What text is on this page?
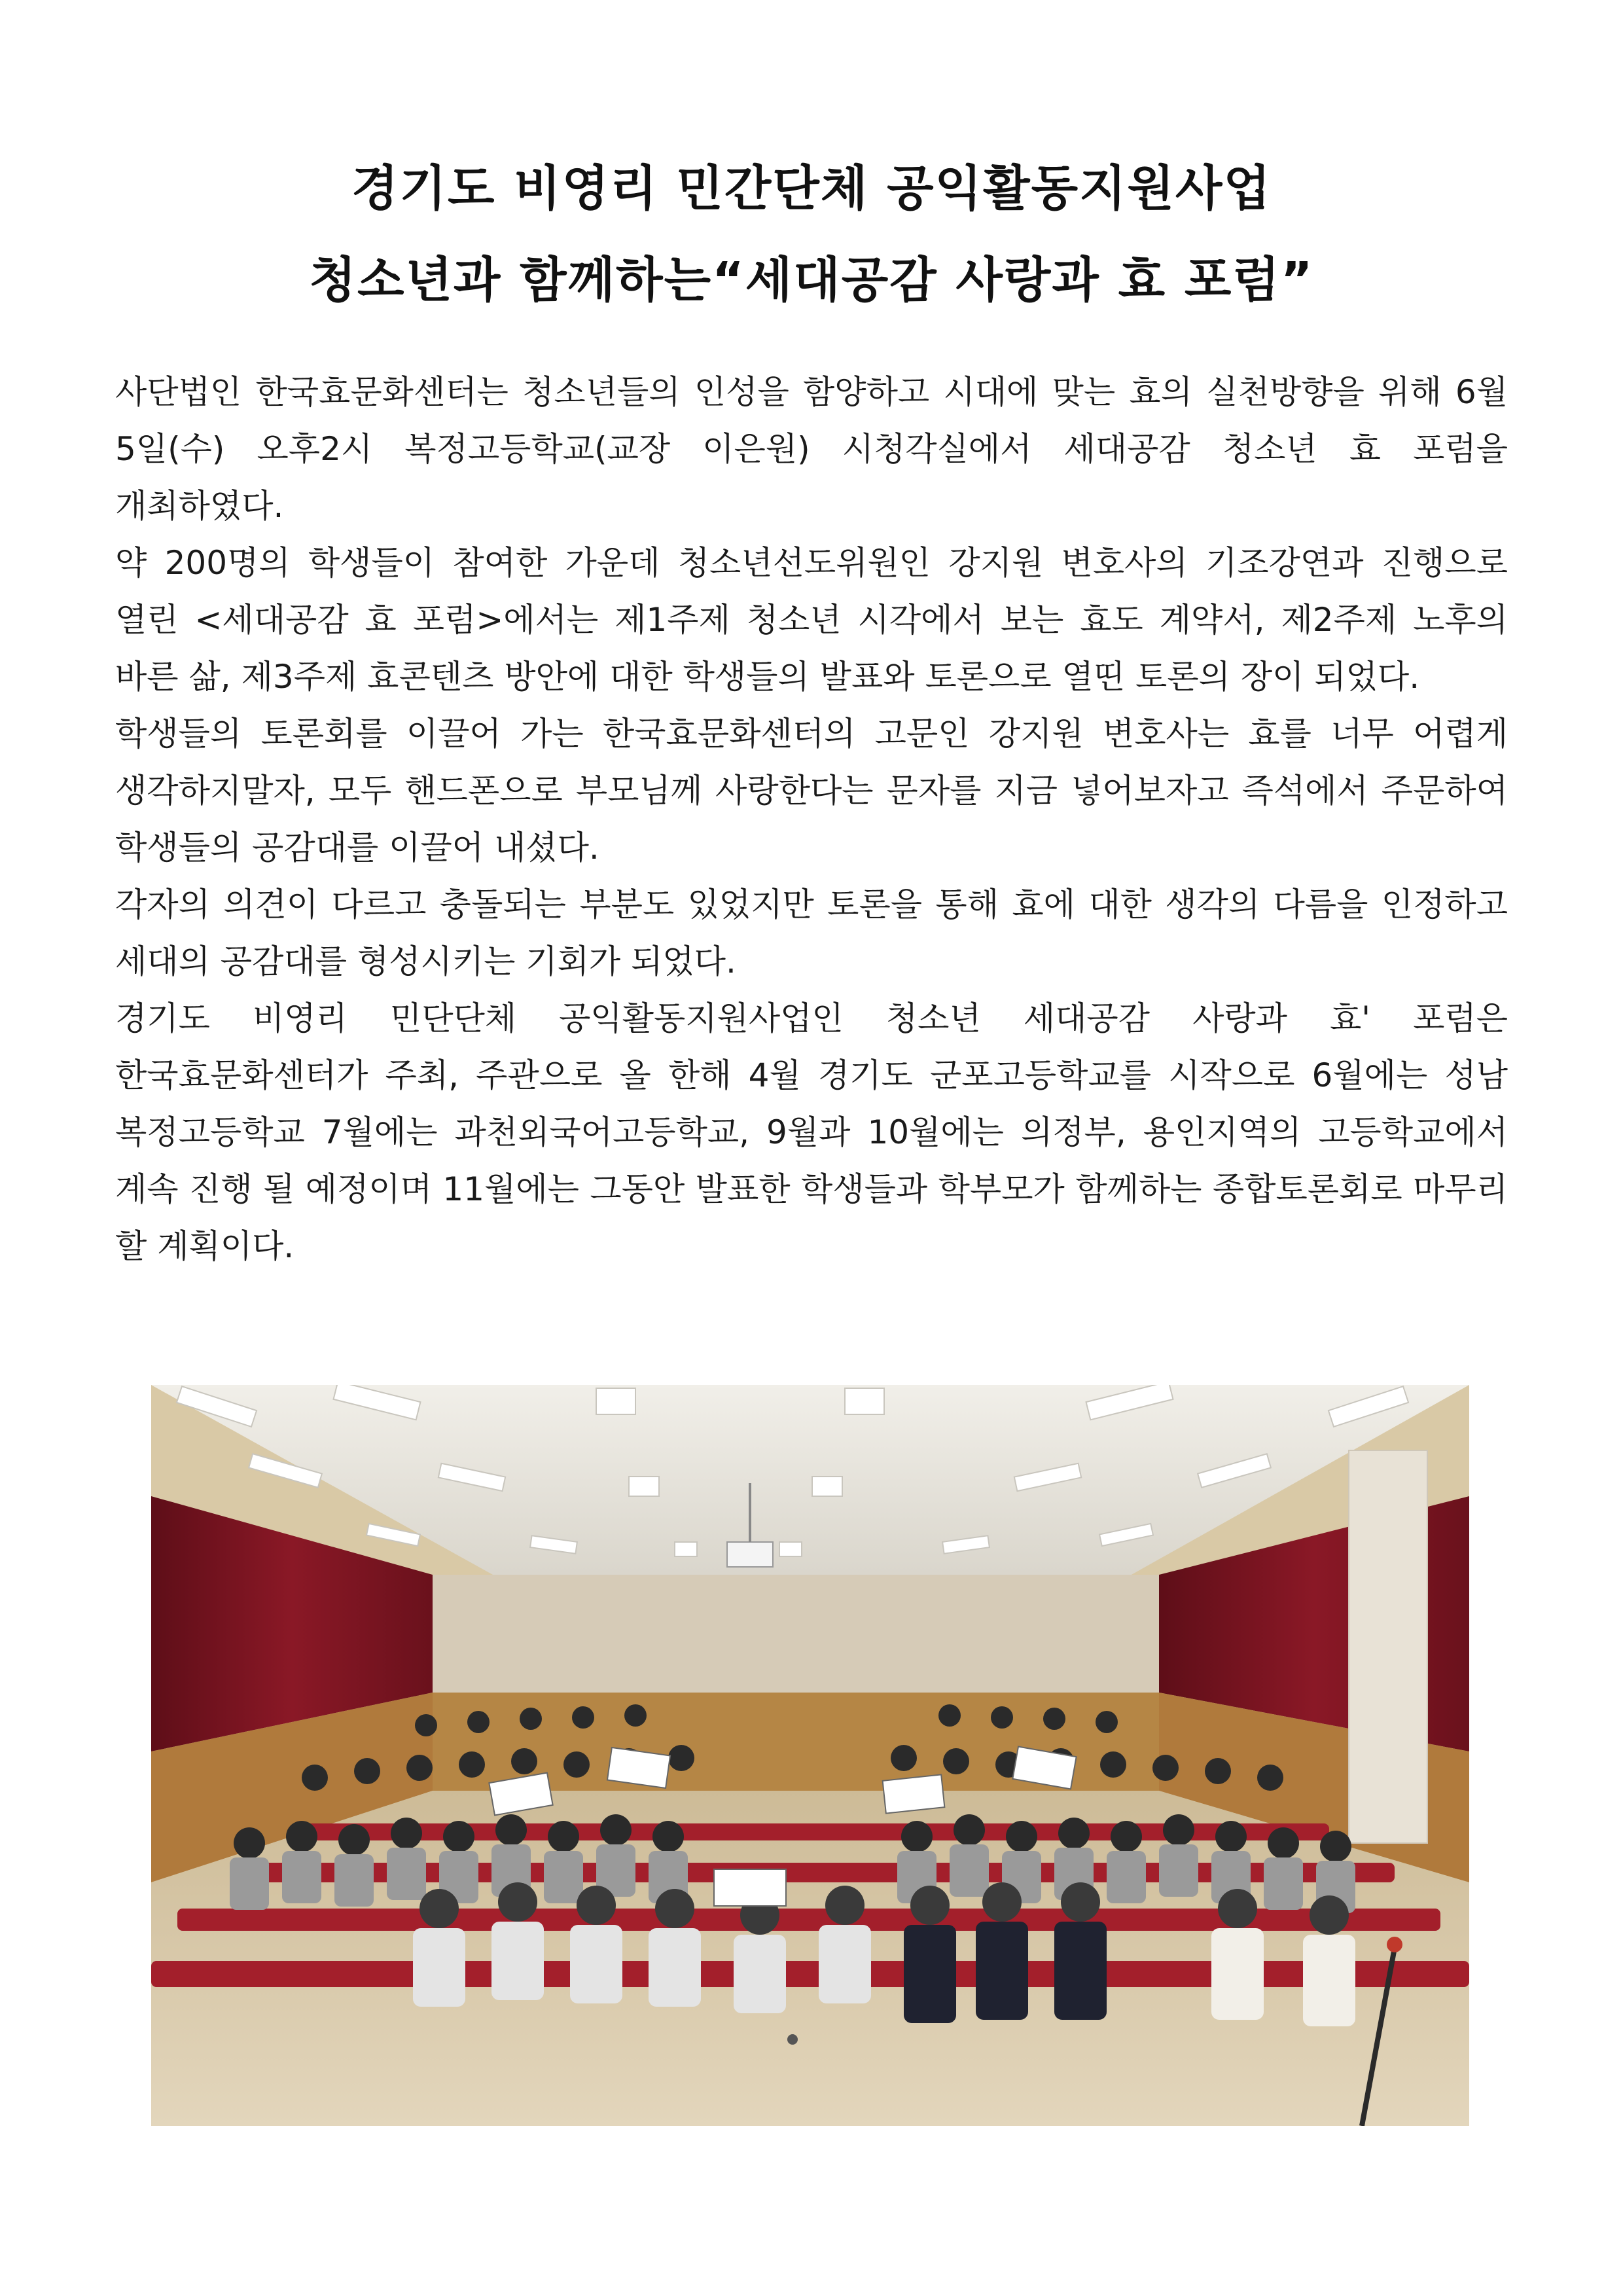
경기도 비영리 민간단체 공익활동지원사업
청소년과 함께하는“세대공감 사랑과 효 포럼”

사단법인 한국효문화센터는 청소년들의 인성을 함양하고 시대에 맞는 효의 실천방향을 위해 6월 5일(수) 오후2시 복정고등학교(교장 이은원) 시청각실에서 세대공감 청소년 효 포럼을 개최하였다.

약 200명의 학생들이 참여한 가운데 청소년선도위원인 강지원 변호사의 기조강연과 진행으로 열린 <세대공감 효 포럼>에서는 제1주제 청소년 시각에서 보는 효도 계약서, 제2주제 노후의 바른 삶, 제3주제 효콘텐츠 방안에 대한 학생들의 발표와 토론으로 열띤 토론의 장이 되었다.

학생들의 토론회를 이끌어 가는 한국효문화센터의 고문인 강지원 변호사는 효를 너무 어렵게 생각하지말자, 모두 핸드폰으로 부모님께 사랑한다는 문자를 지금 넣어보자고 즉석에서 주문하여 학생들의 공감대를 이끌어 내셨다.

각자의 의견이 다르고 충돌되는 부분도 있었지만 토론을 통해 효에 대한 생각의 다름을 인정하고 세대의 공감대를 형성시키는 기회가 되었다.

경기도 비영리 민단단체 공익활동지원사업인 청소년 세대공감 사랑과 효' 포럼은 한국효문화센터가 주최, 주관으로 올 한해 4월 경기도 군포고등학교를 시작으로 6월에는 성남 복정고등학교 7월에는 과천외국어고등학교, 9월과 10월에는 의정부, 용인지역의 고등학교에서 계속 진행 될 예정이며 11월에는 그동안 발표한 학생들과 학부모가 함께하는 종합토론회로 마무리 할 계획이다.
